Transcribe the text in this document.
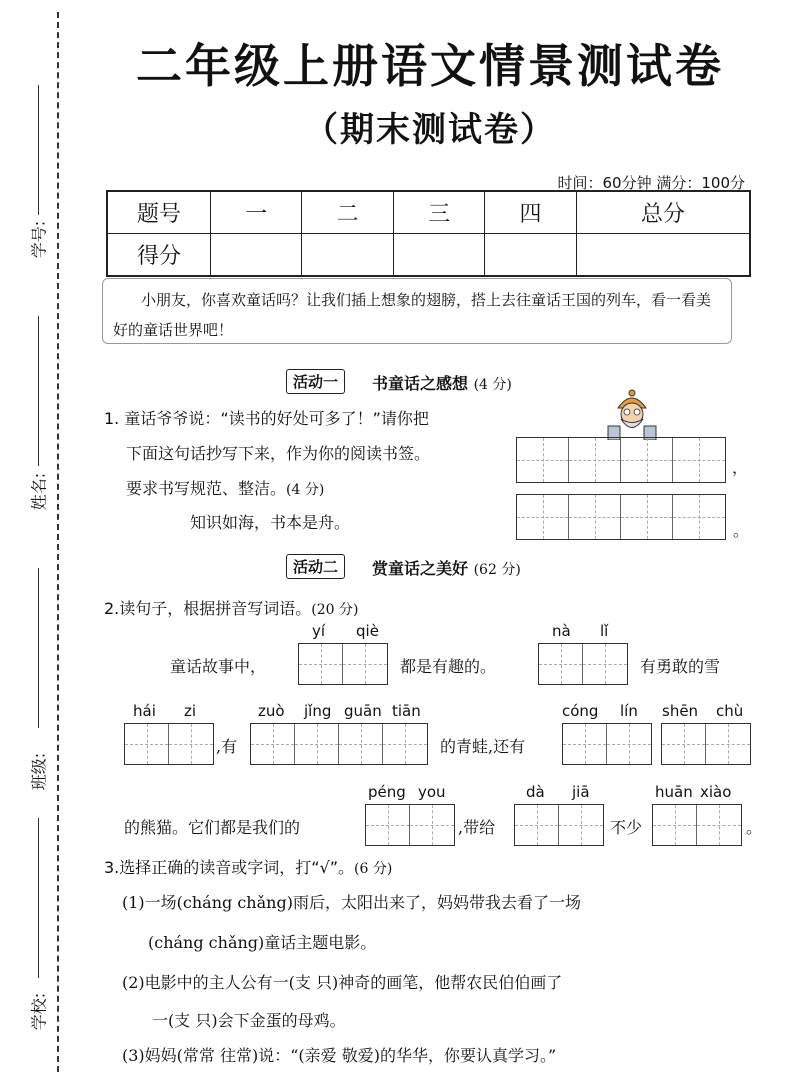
学号:
姓名:
班级:
学校:
二年级上册语文情景测试卷
（期末测试卷）
时间：60分钟 满分：100分
题号	一	二	三	四	总分
得分					
小朋友，你喜欢童话吗？让我们插上想象的翅膀，搭上去往童话王国的列车，看一看美好的童话世界吧！
活动一	书童话之感想 (4 分)
1. 童话爷爷说：“读书的好处可多了！”请你把
下面这句话抄写下来，作为你的阅读书签。
要求书写规范、整洁。(4 分)
知识如海，书本是舟。
，
。
活动二	赏童话之美好 (62 分)
2.读句子，根据拼音写词语。(20 分)
yí qiè	nà lǐ
童话故事中，	都是有趣的。	有勇敢的雪
hái zi	zuò jǐng guān tiān	cóng lín shēn chù
,有	的青蛙,还有
péng you	dà jiā	huān xiào
的熊猫。它们都是我们的	,带给	不少	。
3.选择正确的读音或字词，打“√”。(6 分)
(1)一场(cháng chǎng)雨后，太阳出来了，妈妈带我去看了一场
(cháng chǎng)童话主题电影。
(2)电影中的主人公有一(支 只)神奇的画笔，他帮农民伯伯画了
一(支 只)会下金蛋的母鸡。
(3)妈妈(常常 往常)说：“(亲爱 敬爱)的华华，你要认真学习。”
